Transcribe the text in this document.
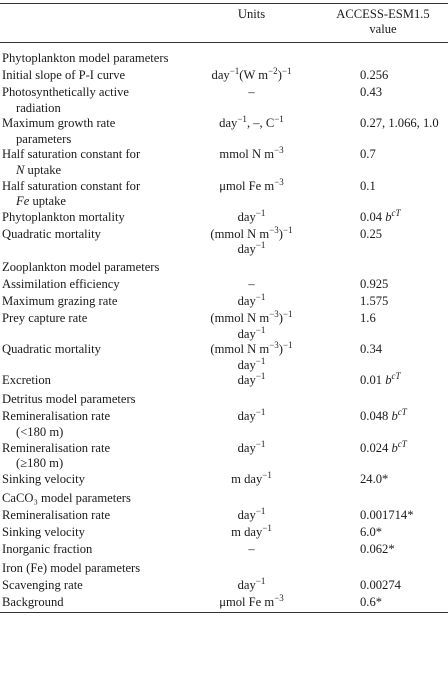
	Units	ACCESS-ESM1.5
value
Phytoplankton model parameters		
Initial slope of P-I curve	day$^{-1}$(W $m^{-2})^{-1}$	0.256
Photosynthetically active
radiation	–	0.43
Maximum growth rate
parameters	day$^{-1}$, –, $C^{-1}$	0.27, 1.066, 1.0
Half saturation constant for
N uptake	mmol N $m^{-3}$	0.7
Half saturation constant for
Fe uptake	μmol Fe $m^{-3}$	0.1
Phytoplankton mortality	day$^{-1}$	0.04 $b^{cT}$
Quadratic mortality	(mmol N $m^{-3})^{-1}$
day$^{-1}$	0.25
Zooplankton model parameters		
Assimilation efficiency	–	0.925
Maximum grazing rate	day$^{-1}$	1.575
Prey capture rate	(mmol N $m^{-3})^{-1}$
day$^{-1}$	1.6
Quadratic mortality	(mmol N $m^{-3})^{-1}$
day$^{-1}$	0.34
Excretion	day$^{-1}$	0.01 $b^{cT}$
Detritus model parameters		
Remineralisation rate
(<180 m)	day$^{-1}$	0.048 $b^{cT}$
Remineralisation rate
(≥180 m)	day$^{-1}$	0.024 $b^{cT}$
Sinking velocity	m day$^{-1}$	24.0*
CaCO₃ model parameters		
Remineralisation rate	day$^{-1}$	0.001714*
Sinking velocity	m day$^{-1}$	6.0*
Inorganic fraction	–	0.062*
Iron (Fe) model parameters		
Scavenging rate	day$^{-1}$	0.00274
Background	μmol Fe $m^{-3}$	0.6*
